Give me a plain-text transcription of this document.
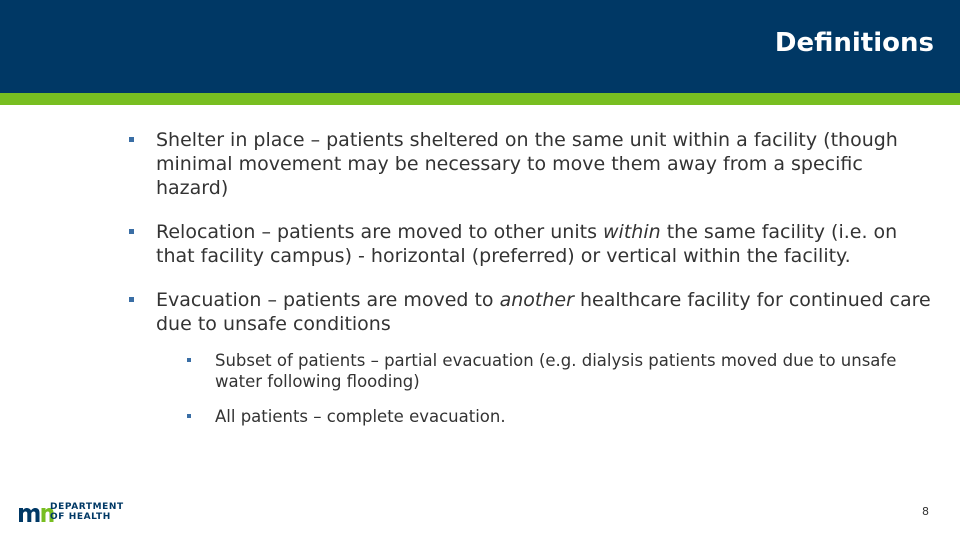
Definitions
Shelter in place – patients sheltered on the same unit within a facility (though minimal movement may be necessary to move them away from a specific hazard)
Relocation – patients are moved to other units within the same facility (i.e. on that facility campus) - horizontal (preferred) or vertical within the facility.
Evacuation – patients are moved to another healthcare facility for continued care due to unsafe conditions
Subset of patients – partial evacuation (e.g. dialysis patients moved due to unsafe water following flooding)
All patients – complete evacuation.
DEPARTMENT
OF HEALTH	8
